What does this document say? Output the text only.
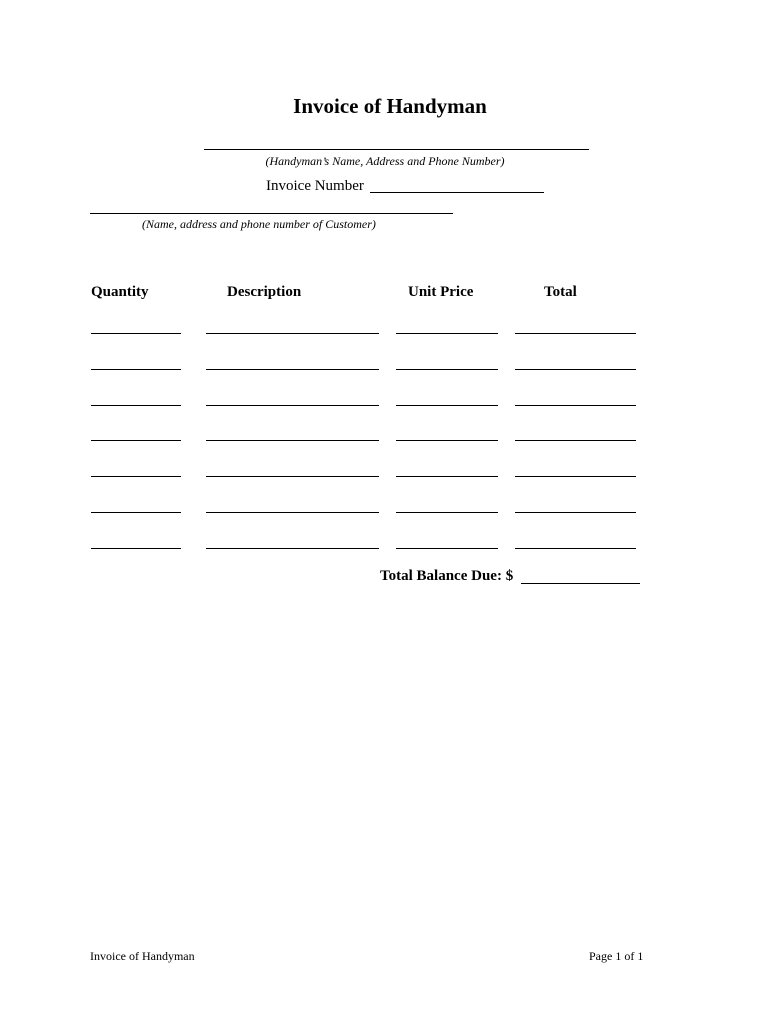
Invoice of Handyman
(Handyman’s Name, Address and Phone Number)
Invoice Number
(Name, address and phone number of Customer)
Quantity	Description	Unit Price	Total
Total Balance Due: $
Invoice of Handyman	Page 1 of 1
